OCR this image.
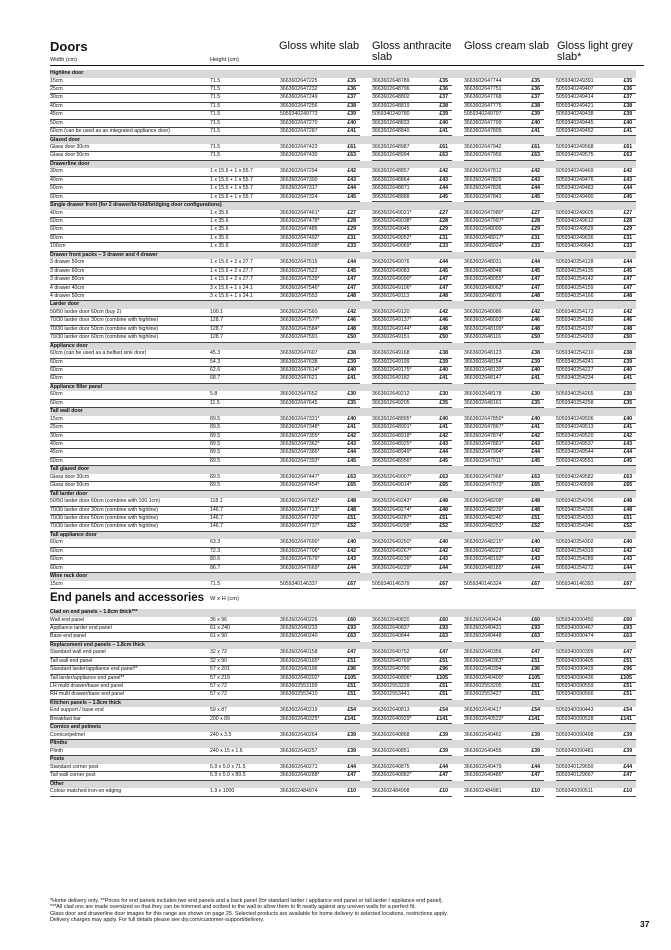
Doors
Width (cm)	Height (cm)
Gloss white slab	Gloss anthracite slab
Gloss cream slab Gloss light grey slab*
Highline door													
15cm	71.5	3663602647225	£35		3663602648789	£35		3663602647744	£35		5059340249391	£35	
25cm	71.5	3663602647232	£36		3663602648796	£36		3663602647751	£36		5059340249407	£36	
30cm	71.5	3663602647249	£37		3663602648802	£37		3663602647768	£37		5059340249414	£37	
40cm	71.5	3663602647256	£38		3663602648819	£38		3663602647775	£38		5059340249421	£38	
45cm	71.5	5059340249773	£39		5059340249780	£39		5059340249797	£39		5059340249438	£39	
50cm	71.5	3663602647270	£40		3663602648833	£40		3663602647799	£40		5059340249445	£40	
60cm (can be used as an integrated appliance door)	71.5	3663602647287	£41		3663602648840	£41		3663602647805	£41		5059340249452	£41	
Glazed door													
Glass door 30cm	71.5	3663602647423	£61		3663602648987	£61		3663602647942	£61		5059340249568	£61	
Glass door 50cm	71.5	3663602647430	£63		3663602648994	£63		3663602647959	£63		5059340249575	£63	
Drawerline door													
30cm	1 x 15.6 + 1 x 55.7	3663602647294	£42		3663602648857	£42		3663602647812	£42		5059340249469	£42	
40cm	1 x 15.6 + 1 x 55.7	3663602647300	£43		3663602648864	£43		3663602647829	£43		5059340249476	£43	
50cm	1 x 15.6 + 1 x 55.7	3663602647317	£44		3663602648871	£44		3663602647836	£44		5059340249483	£44	
60cm	1 x 15.6 + 1 x 55.7	3663602647324	£45		3663602648888	£45		3663602647843	£45		5059340249490	£45	
Single drawer front (for 2 drawer/bi-fold/bridging door configurations)													
40cm	1 x 35.6	3663602647461*	£27		3663602649021*	£27		3663602647980*	£27		5059340249605	£27	
50cm	1 x 35.6	3663602647478*	£28		3663602649038*	£28		3663602647997*	£28		5059340249612	£28	
60cm	1 x 35.6	3663602647485	£29		3663602649045	£29		3663602648000	£29		5059340249629	£29	
80cm	1 x 35.6	3663602647492*	£31		3663602649052*	£31		3663602648017*	£31		5059340249636	£31	
100cm	1 x 35.6	3663602647508*	£33		3663602649069*	£33		3663602648024*	£33		5059340249643	£33	
Drawer front packs – 3 drawer and 4 drawer													
3 drawer 50cm	1 x 15.6 + 2 x 27.7	3663602647515	£44		3663602649076	£44		3663602648031	£44		5059340254128	£44	
3 drawer 60cm	1 x 15.6 + 2 x 27.7	3663602647522	£45		3663602649083	£45		3663602648048	£45		5059340254135	£45	
3 drawer 80cm	1 x 15.6 + 2 x 27.7	3663602647539*	£47		3663602649090*	£47		3663602648055*	£47		5059340254142	£47	
4 drawer 40cm	3 x 15.6 + 1 x 24.1	3663602647546*	£47		3663602649106*	£47		3663602648062*	£47		5059340254159	£47	
4 drawer 50cm	3 x 15.6 + 1 x 24.1	3663602647553	£48		3663602649113	£48		3663602648079	£48		5059340254166	£48	
Larder door													
50/50 larder door 60cm (buy 2)	100.1	3663602647560	£42		3663602649120	£42		3663602648086	£42		5059340254173	£42	
70/30 larder door 30cm (combine with highline)	128.7	3663602647577*	£46		3663602649137*	£46		3663602648093*	£46		5059340254180	£46	
70/30 larder door 50cm (combine with highline)	128.7	3663602647584*	£48		3663602649144*	£48		3663602648109*	£48		5059340254197	£48	
70/30 larder door 60cm (combine with highline)	128.7	3663602647591	£50		3663602649151	£50		3663602648116	£50		5059340254203	£50	
Appliance door													
60cm (can be used as a belfast sink door)	45.3	3663602647607	£38		3663602649168	£38		3663602648123	£38		5059340254210	£38	
60cm	54.3	3663602647638	£39		3663602649199	£39		3663602648154	£39		5059340254241	£39	
60cm	62.6	3663602647614*	£40		3663602649175*	£40		3663602648130*	£40		5059340254227	£40	
60cm	68.7	3663602647621	£41		3663602649182	£41		3663602648147	£41		5059340254234	£41	
Appliance filler panel													
60cm	5.8	3663602647652	£30		3663602649212	£30		3663602648178	£30		5059340254265	£30	
60cm	11.5	3663602647645	£35		3663602649205	£35		3663602648161	£35		5059340254258	£35	
Tall wall door													
15cm	89.5	3663602647331*	£40		3663602648895*	£40		3663602647850*	£40		5059340249506	£40	
25cm	89.5	3663602647348*	£41		3663602648901*	£41		3663602647867*	£41		5059340249513	£41	
30cm	89.5	3663602647355*	£42		3663602648918*	£42		3663602647874*	£42		5059340249520	£42	
40cm	89.5	3663602647362*	£43		3663602648925*	£43		3663602647881*	£43		5059340249537	£43	
45cm	89.5	3663602647386*	£44		3663602648949*	£44		3663602647904*	£44		5059340249544	£44	
50cm	89.5	3663602647393*	£45		3663602648956*	£45		3663602647911*	£45		5059340249551	£45	
Tall glazed door													
Glass door 30cm	89.5	3663602647447*	£63		3663602649007*	£63		3663602647966*	£63		5059340249582	£63	
Glass door 50cm	89.5	3663602647454*	£65		3663602649014*	£65		3663602647973*	£65		5059340249599	£65	
Tall larder door													
50/50 larder door 60cm (combine with 100.1cm)	118.1	3663602647683*	£48		3663602649243*	£48		3663602648208*	£48		5059340254296	£48	
70/30 larder door 30cm (combine with highline)	146.7	3663602647713*	£48		3663602649274*	£48		3663602648239*	£48		5059340254326	£48	
70/30 larder door 50cm (combine with highline)	146.7	3663602647720*	£51		3663602649287*	£51		3663602648246*	£51		5059340254333	£51	
70/30 larder door 60cm (combine with highline)	146.7	3663602647737*	£52		3663602649298*	£52		3663602648253*	£52		5059340254340	£52	
Tall appliance door													
60cm	63.3	3663602647690*	£40		3663602649250*	£40		3663602648215*	£40		5059340254302	£40	
60cm	72.3	3663602647706*	£42		3663602649267*	£42		3663602648222*	£42		5059340254319	£42	
60cm	80.6	3663602647676*	£43		3663602649236*	£43		3663602648192*	£43		5059340254289	£43	
60cm	86.7	3663602647669*	£44		3663602649229*	£44		3663602648185*	£44		5059340254272	£44	
Wine rack door													
15cm	71.5	5059340146337	£67		5059340146379	£67		5059340146324	£67		5059340146393	£67	
End panels and accessories W x H (cm)
Clad on end panels – 1.8cm thick***													
Wall end panel	36 x 96	3663602640226	£60		3663602640820	£60		3663602640424	£60		5059340090450	£60	
Appliance larder end panel	61 x 240	3663602640233	£93		3663602640837	£93		3663602640431	£93		5059340090467	£93	
Base end panel	61 x 90	3663602640240	£63		3663602640844	£63		3663602640448	£63		5059340090474	£63	
Replacement end panels – 1.8cm thick													
Standard wall end panel	32 x 72	3663602640158	£47		3663602640752	£47		3663602640356	£47		5059340090399	£47	
Tall wall end panel	32 x 90	3663602640165*	£51		3663602640769*	£51		3663602640363*	£51		5059340090405	£51	
Standard larder/appliance end panel**	57 x 201	3663602640196	£96		3663602640790	£96		3663602640394	£96		5059340090429	£96	
Tall larder/appliance end panel**	57 x 219	3663602640202*	£105		3663602640806*	£105		3663602640400*	£105		5059340090436	£105	
LH multi drawer/base end panel	57 x 72	3663602553199	£51		3663602553229	£51		3663602553205	£51		5059340090559	£51	
RH multi drawer/base end panel	57 x 72	3663602553410	£51		3663602553441	£51		3663602553427	£51		5059340090566	£51	
Kitchen panels – 1.8cm thick													
End support / base end	59 x 87	3663602640219	£54		3663602640813	£54		3663602640417	£54		5059340090443	£54	
Breakfast bar	200 x 89	3663602640325*	£141		3663602640929*	£141		3663602640523*	£141		5059340090528	£141	
Cornice and pelmets													
Cornice/pelmet	240 x 3.5	3663602640264	£39		3663602640868	£39		3663602640462	£39		5059340090498	£39	
Plinths													
Plinth	240 x 15 x 1.6	3663602640257	£39		3663602640851	£39		3663602640455	£39		5059340090481	£39	
Posts													
Standard corner post	5.9 x 5.9 x 71.5	3663602640271	£44		3663602640875	£44		3663602640479	£44		5059340129650	£44	
Tall wall corner post	5.9 x 5.9 x 89.5	3663602640288*	£47		3663602640882*	£47		3663602640486*	£47		5059340129667	£47	
Other													
Colour matched iron-on edging	1.9 x 1000	3663602484974	£10		3663602484998	£10		3663602484981	£10		5059340090511	£10	
*Home delivery only. **Prices for end panels includes two end panels and a back panel (for standard larder / appliance end panel or tall larder / appliance end panel).
***All clad ons are made oversized so that they can be trimmed and scribed to the wall to allow them to fit neatly against any uneven walls for a perfect fit.
Glass door and drawerline door images for this range are shown on page 25. Selected products are available for home delivery to selected locations, restrictions apply.
Delivery charges may apply. For full details please see diy.com/customer-support/delivery.	37
